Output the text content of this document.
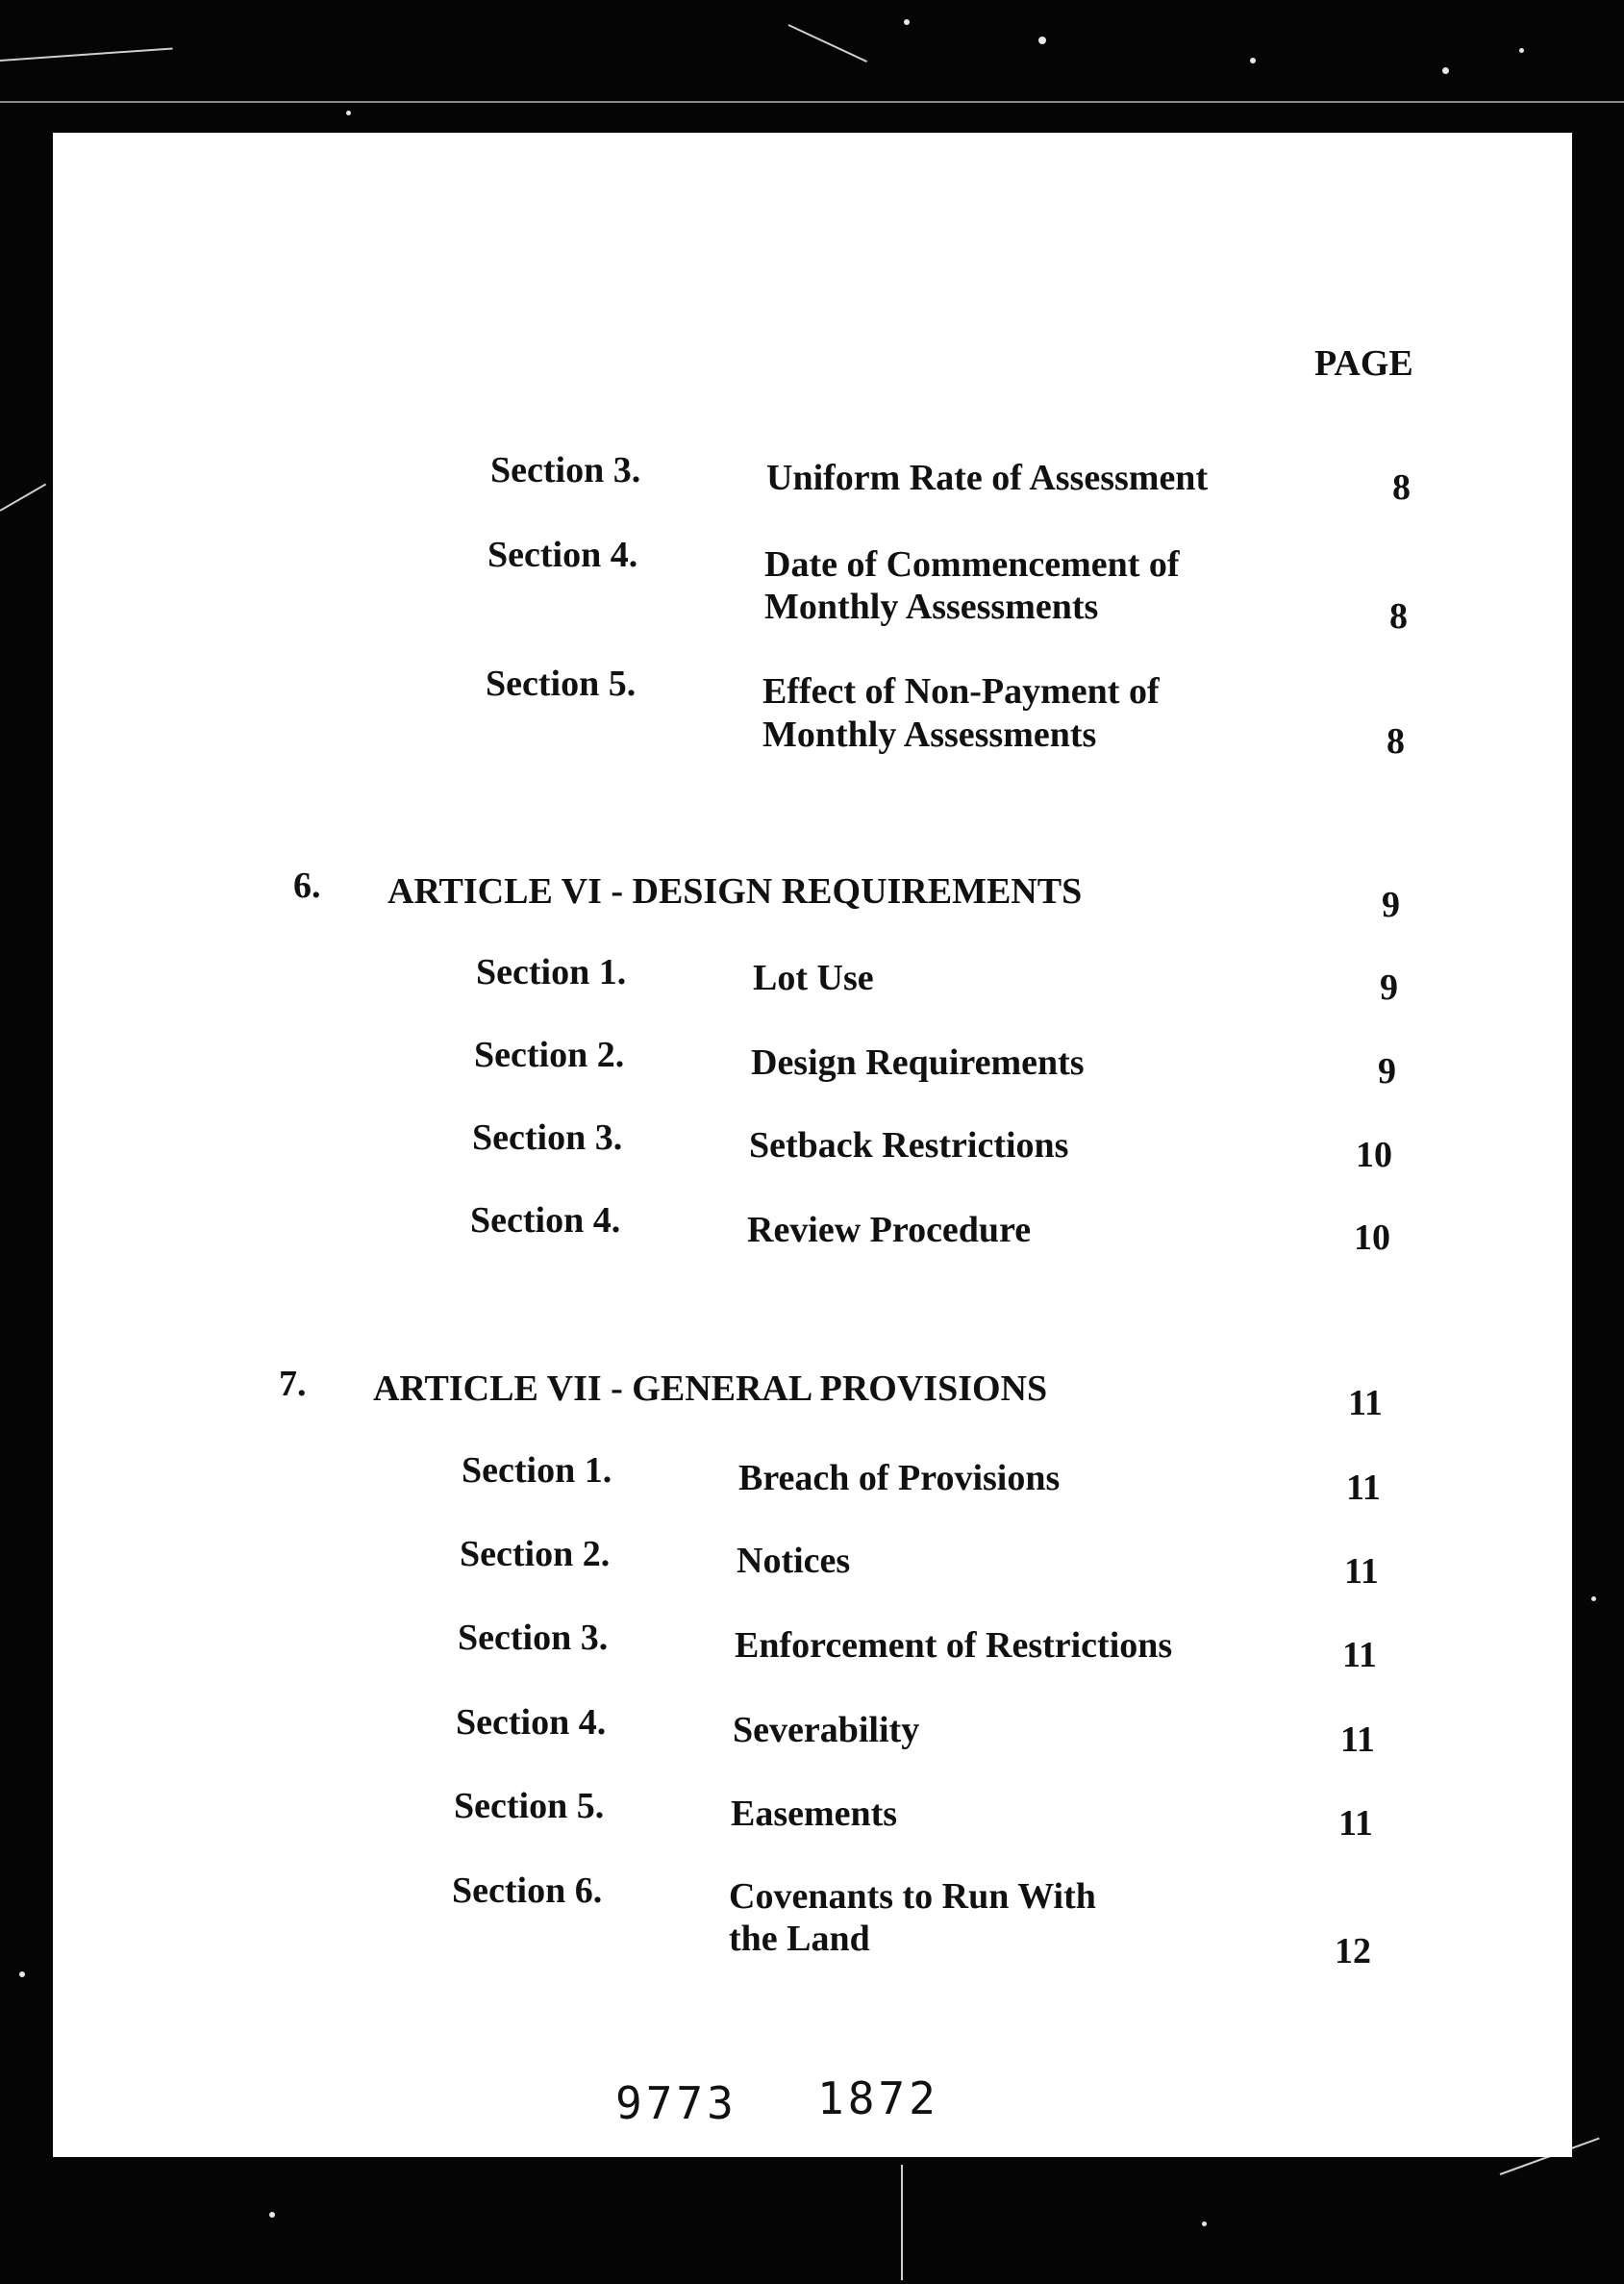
PAGE
Section 3.	Uniform Rate of Assessment	8
Section 4.	Date of Commencement of
Monthly Assessments	8
Section 5.	Effect of Non-Payment of
Monthly Assessments	8
6. ARTICLE VI - DESIGN REQUIREMENTS	9
Section 1.	Lot Use	9
Section 2.	Design Requirements	9
Section 3.	Setback Restrictions	10
Section 4.	Review Procedure	10
7. ARTICLE VII - GENERAL PROVISIONS	11
Section 1.	Breach of Provisions	11
Section 2.	Notices	11
Section 3.	Enforcement of Restrictions	11
Section 4.	Severability	11
Section 5.	Easements	11
Section 6.	Covenants to Run With
the Land	12
9773 1872
